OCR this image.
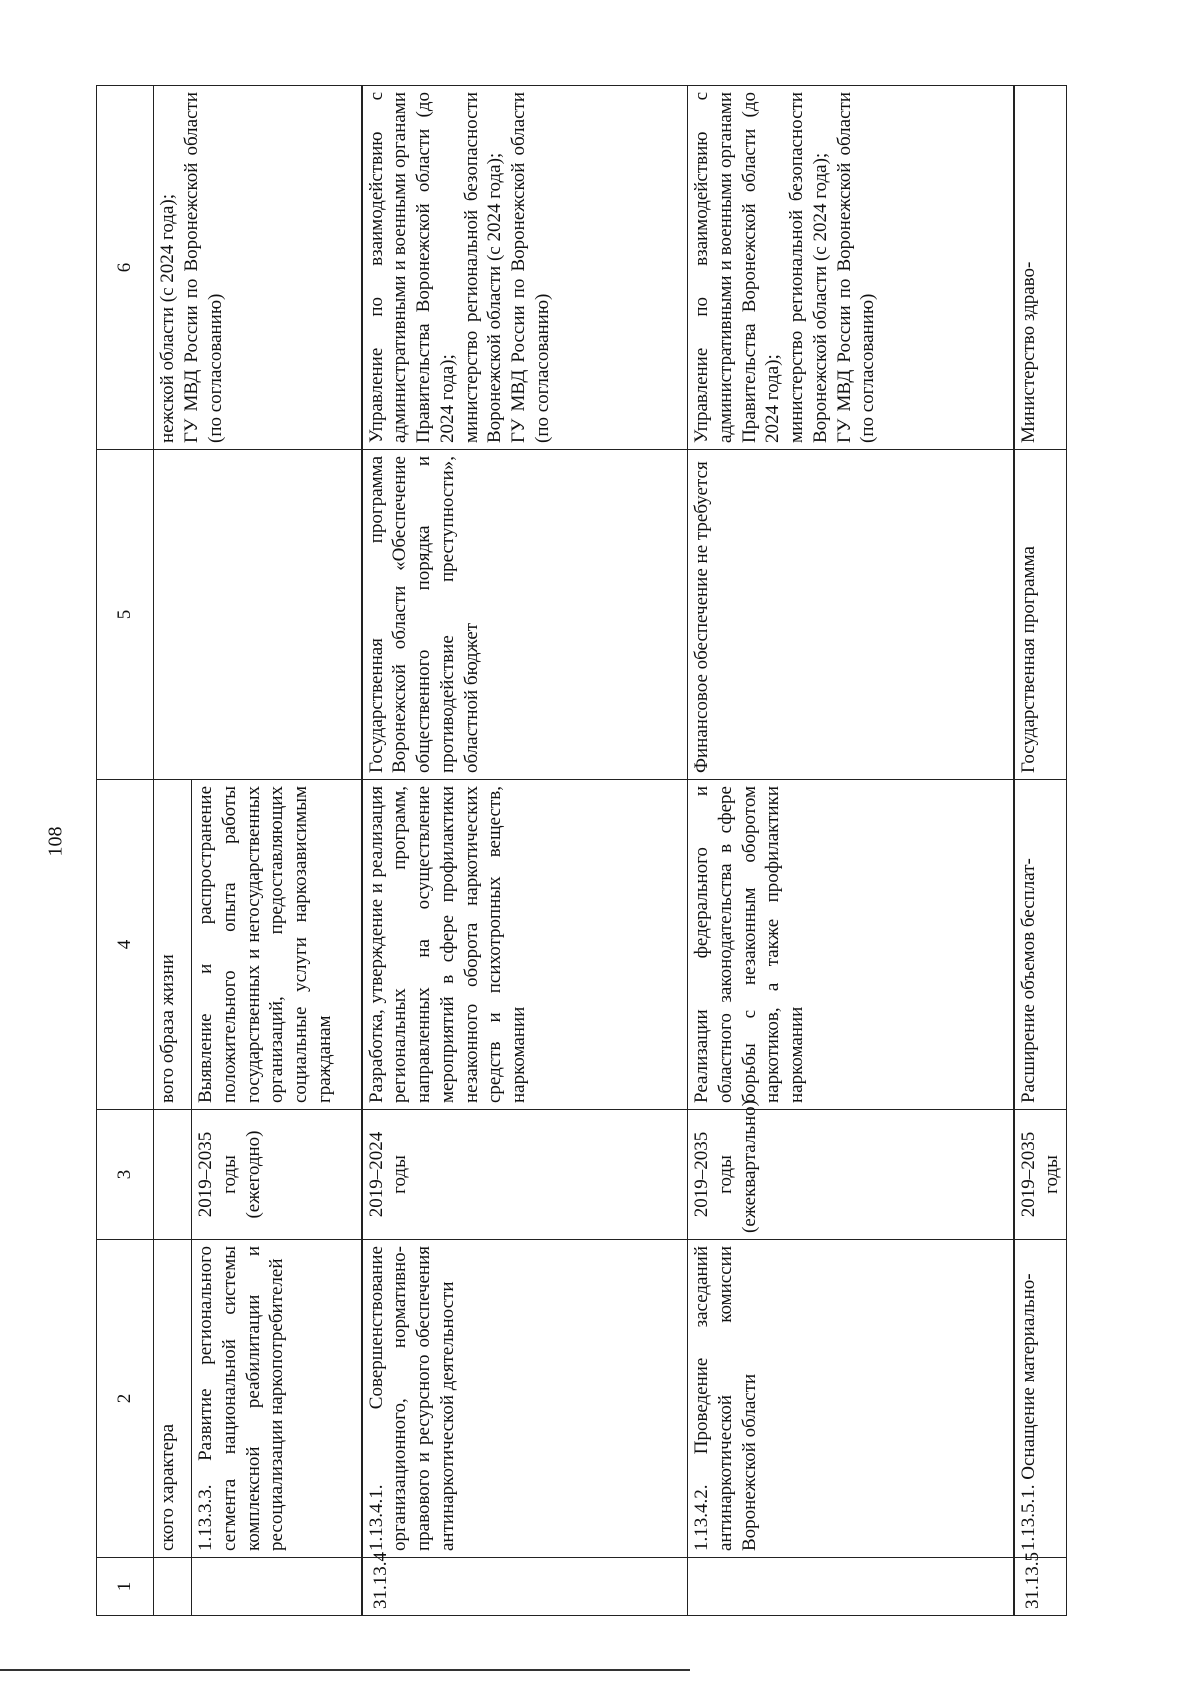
108
1	2	3	4	5	6
	ского характера		вого образа жизни		нежской области (с 2024 года);
ГУ МВД России по Воронежской области (по согласованию)
	1.13.3.3. Развитие регионального сегмента национальной системы комплексной реабилитации и ресоциализации наркопотребителей	2019–2035 годы (ежегодно)	Выявление и распространение положительного опыта работы государственных и негосударственных организаций, предоставляющих социальные услуги наркозависимым гражданам		
31.13.4	1.13.4.1. Совершенствование организационного, нормативно-правового и ресурсного обеспечения антинаркотической деятельности	2019–2024 годы	Разработка, утверждение и реализация региональных программ, направленных на осуществление мероприятий в сфере профилактики незаконного оборота наркотических средств и психотропных веществ, наркомании	Государственная программа Воронежской области «Обеспечение общественного порядка и противодействие преступности», областной бюджет	Управление по взаимодействию с административными и военными органами Правительства Воронежской области (до 2024 года);
министерство региональной безопасности Воронежской области (с 2024 года);
ГУ МВД России по Воронежской области (по согласованию)
	1.13.4.2. Проведение заседаний антинаркотической комиссии Воронежской области	2019–2035 годы (ежеквартально)	Реализации федерального и областного законодательства в сфере борьбы с незаконным оборотом наркотиков, а также профилактики наркомании	Финансовое обеспечение не требуется	Управление по взаимодействию с административными и военными органами Правительства Воронежской области (до 2024 года);
министерство региональной безопасности Воронежской области (с 2024 года);
ГУ МВД России по Воронежской области (по согласованию)
31.13.5	1.13.5.1. Оснащение материально-	2019–2035 годы	Расширение объемов бесплат-	Государственная программа	Министерство здраво-
